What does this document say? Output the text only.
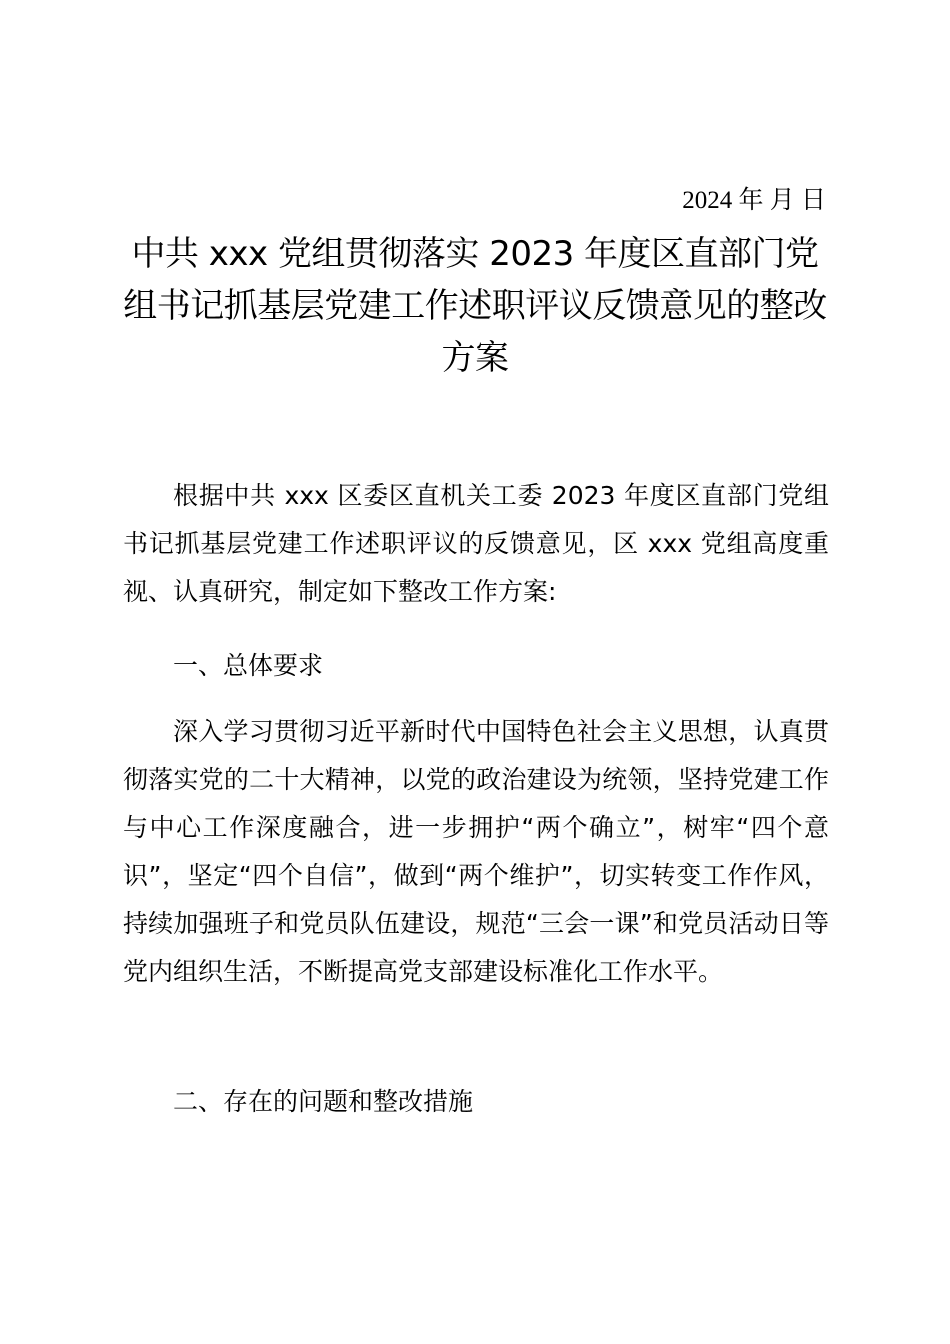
2024 年 月 日
中共 xxx 党组贯彻落实 2023 年度区直部门党组书记抓基层党建工作述职评议反馈意见的整改方案

根据中共 xxx 区委区直机关工委 2023 年度区直部门党组书记抓基层党建工作述职评议的反馈意见，区 xxx 党组高度重视、认真研究，制定如下整改工作方案:

一、总体要求

深入学习贯彻习近平新时代中国特色社会主义思想，认真贯彻落实党的二十大精神，以党的政治建设为统领，坚持党建工作与中心工作深度融合，进一步拥护“两个确立”，树牢“四个意识”，坚定“四个自信”，做到“两个维护”，切实转变工作作风，持续加强班子和党员队伍建设，规范“三会一课”和党员活动日等党内组织生活，不断提高党支部建设标准化工作水平。

二、存在的问题和整改措施
